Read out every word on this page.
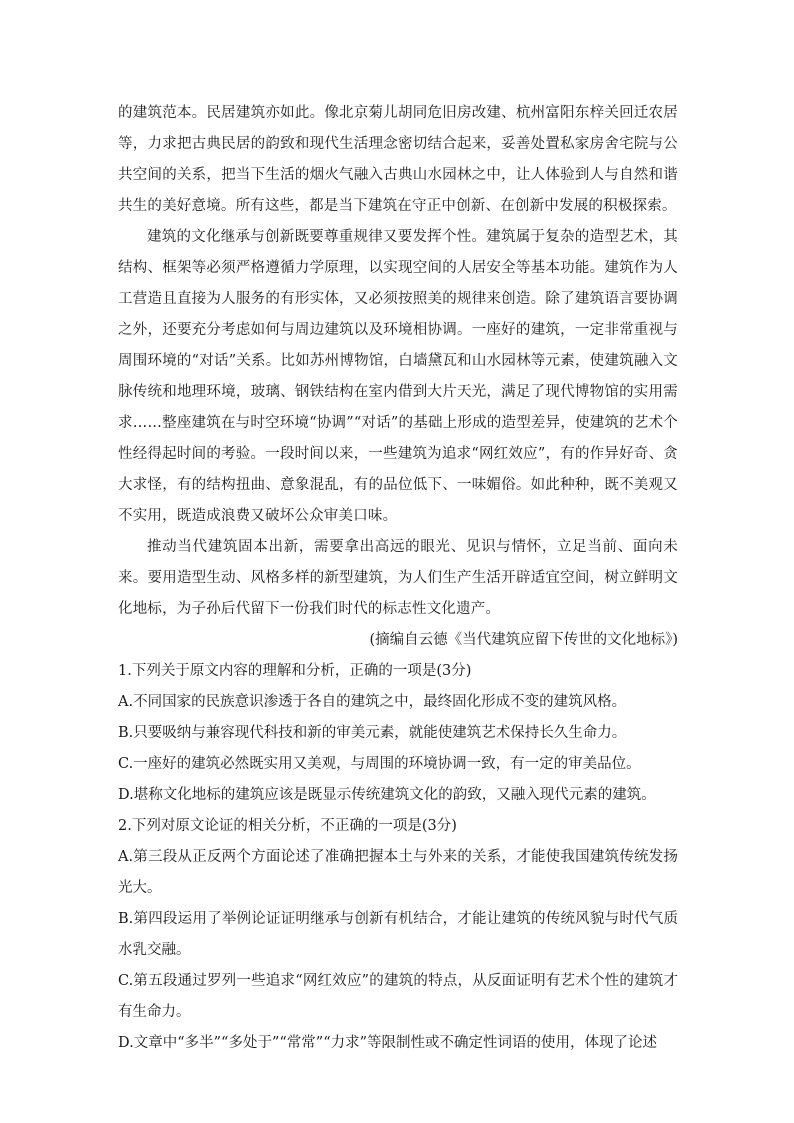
的建筑范本。民居建筑亦如此。像北京菊儿胡同危旧房改建、杭州富阳东梓关回迁农居等，力求把古典民居的韵致和现代生活理念密切结合起来，妥善处置私家房舍宅院与公共空间的关系，把当下生活的烟火气融入古典山水园林之中，让人体验到人与自然和谐共生的美好意境。所有这些，都是当下建筑在守正中创新、在创新中发展的积极探索。

建筑的文化继承与创新既要尊重规律又要发挥个性。建筑属于复杂的造型艺术，其结构、框架等必须严格遵循力学原理，以实现空间的人居安全等基本功能。建筑作为人工营造且直接为人服务的有形实体，又必须按照美的规律来创造。除了建筑语言要协调之外，还要充分考虑如何与周边建筑以及环境相协调。一座好的建筑，一定非常重视与周围环境的“对话”关系。比如苏州博物馆，白墙黛瓦和山水园林等元素，使建筑融入文脉传统和地理环境，玻璃、钢铁结构在室内借到大片天光，满足了现代博物馆的实用需求……整座建筑在与时空环境“协调”“对话”的基础上形成的造型差异，使建筑的艺术个性经得起时间的考验。一段时间以来，一些建筑为追求“网红效应”，有的作异好奇、贪大求怪，有的结构扭曲、意象混乱，有的品位低下、一味媚俗。如此种种，既不美观又不实用，既造成浪费又破坏公众审美口味。

推动当代建筑固本出新，需要拿出高远的眼光、见识与情怀，立足当前、面向未来。要用造型生动、风格多样的新型建筑，为人们生产生活开辟适宜空间，树立鲜明文化地标，为子孙后代留下一份我们时代的标志性文化遗产。

(摘编自云德《当代建筑应留下传世的文化地标》)

1.下列关于原文内容的理解和分析，正确的一项是(3分)

A.不同国家的民族意识渗透于各自的建筑之中，最终固化形成不变的建筑风格。

B.只要吸纳与兼容现代科技和新的审美元素，就能使建筑艺术保持长久生命力。

C.一座好的建筑必然既实用又美观，与周围的环境协调一致，有一定的审美品位。

D.堪称文化地标的建筑应该是既显示传统建筑文化的韵致，又融入现代元素的建筑。

2.下列对原文论证的相关分析，不正确的一项是(3分)

A.第三段从正反两个方面论述了准确把握本土与外来的关系，才能使我国建筑传统发扬光大。

B.第四段运用了举例论证证明继承与创新有机结合，才能让建筑的传统风貌与时代气质水乳交融。

C.第五段通过罗列一些追求“网红效应”的建筑的特点，从反面证明有艺术个性的建筑才有生命力。

D.文章中“多半”“多处于”“常常”“力求”等限制性或不确定性词语的使用，体现了论述
